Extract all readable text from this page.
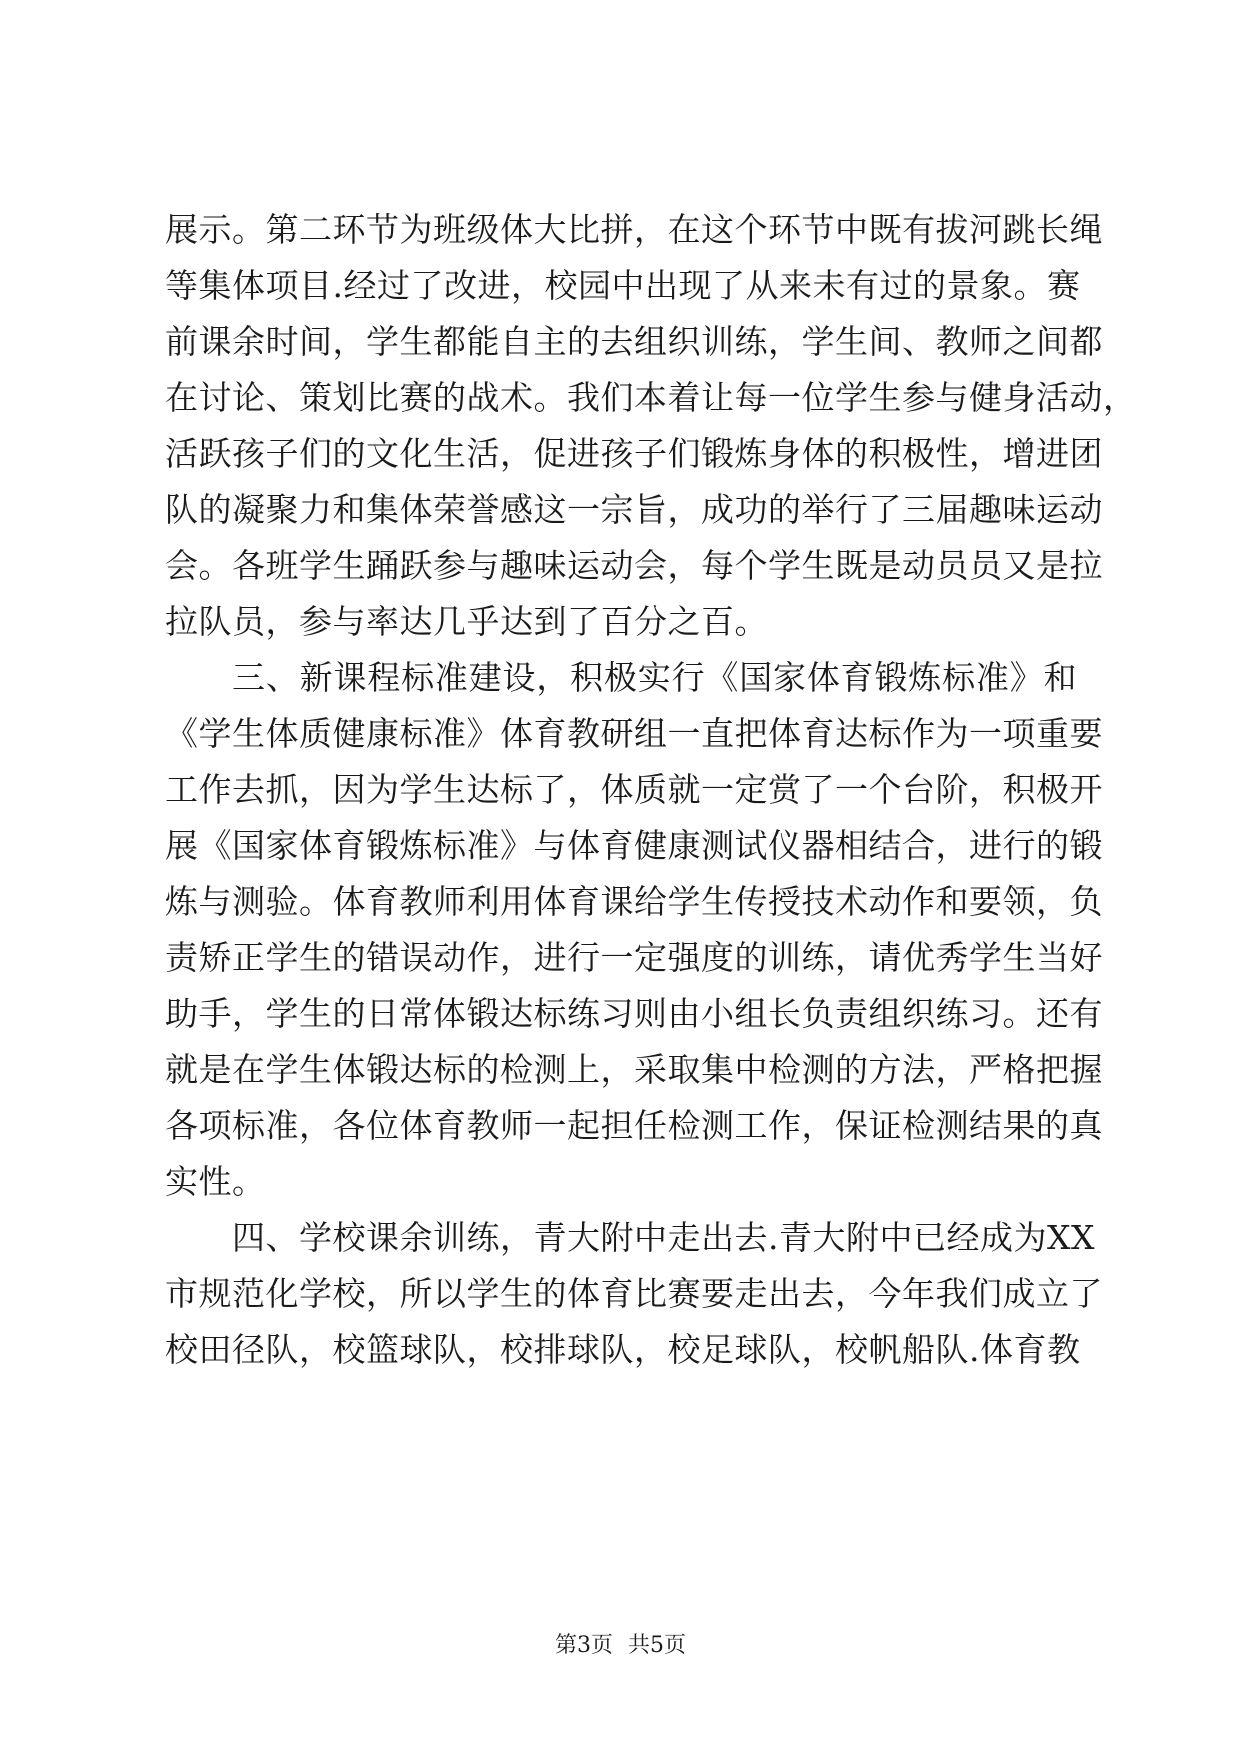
展示。第二环节为班级体大比拼，在这个环节中既有拔河跳长绳
等集体项目.经过了改进，校园中出现了从来未有过的景象。赛
前课余时间，学生都能自主的去组织训练，学生间、教师之间都
在讨论、策划比赛的战术。我们本着让每一位学生参与健身活动，
活跃孩子们的文化生活，促进孩子们锻炼身体的积极性，增进团
队的凝聚力和集体荣誉感这一宗旨，成功的举行了三届趣味运动
会。各班学生踊跃参与趣味运动会，每个学生既是动员员又是拉
拉队员，参与率达几乎达到了百分之百。
三、新课程标准建设，积极实行《国家体育锻炼标准》和
《学生体质健康标准》体育教研组一直把体育达标作为一项重要
工作去抓，因为学生达标了，体质就一定赏了一个台阶，积极开
展《国家体育锻炼标准》与体育健康测试仪器相结合，进行的锻
炼与测验。体育教师利用体育课给学生传授技术动作和要领，负
责矫正学生的错误动作，进行一定强度的训练，请优秀学生当好
助手，学生的日常体锻达标练习则由小组长负责组织练习。还有
就是在学生体锻达标的检测上，采取集中检测的方法，严格把握
各项标准，各位体育教师一起担任检测工作，保证检测结果的真
实性。
四、学校课余训练，青大附中走出去.青大附中已经成为XX
市规范化学校，所以学生的体育比赛要走出去，今年我们成立了
校田径队，校篮球队，校排球队，校足球队，校帆船队.体育教
第3页 共5页
